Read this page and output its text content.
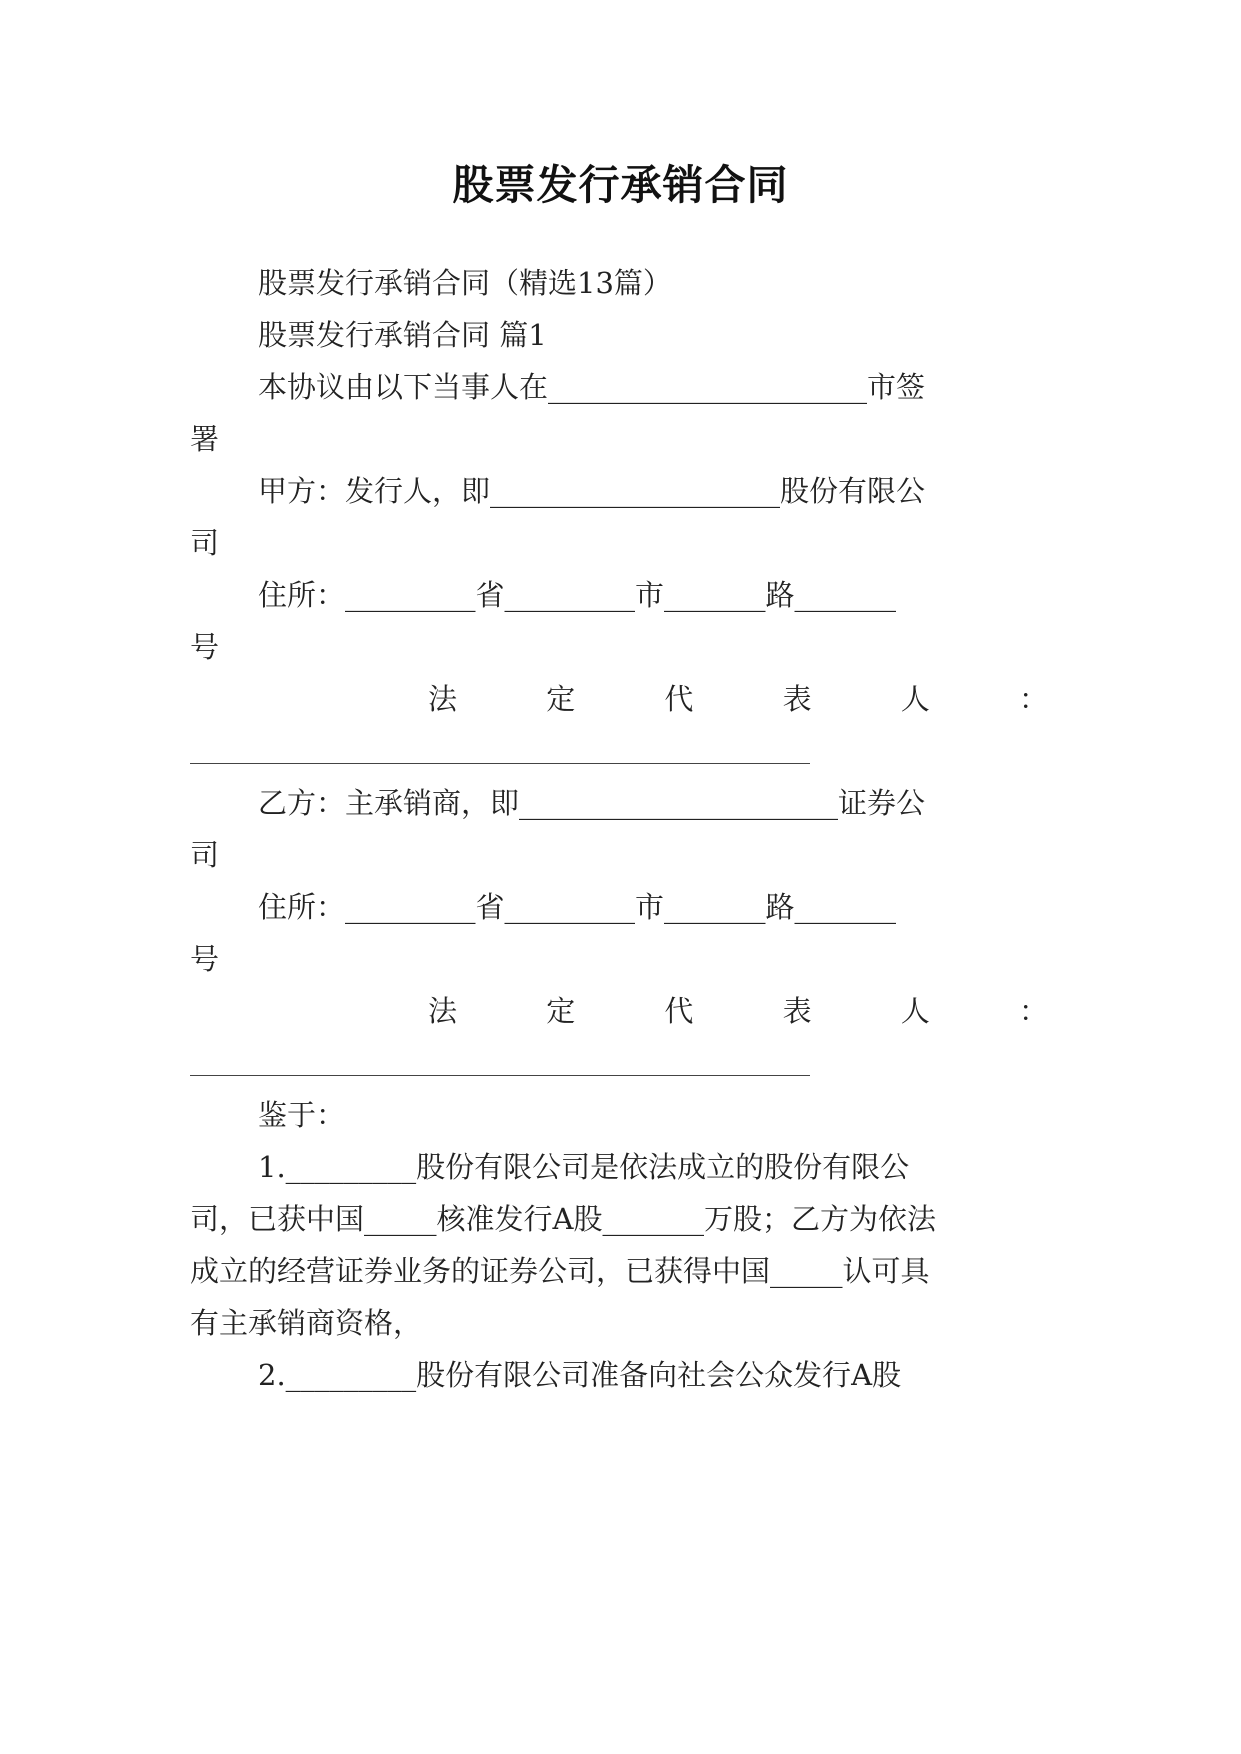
股票发行承销合同
股票发行承销合同（精选13篇）
股票发行承销合同 篇1
本协议由以下当事人在______________________市签
署
甲方：发行人，即____________________股份有限公
司
住所：_________省_________市_______路_______
号
法	定	代	表	人	：
乙方：主承销商，即______________________证券公
司
住所：_________省_________市_______路_______
号
法	定	代	表	人	：
鉴于：
1._________股份有限公司是依法成立的股份有限公
司，已获中国_____核准发行A股_______万股；乙方为依法
成立的经营证券业务的证券公司，已获得中国_____认可具
有主承销商资格，
2._________股份有限公司准备向社会公众发行A股
